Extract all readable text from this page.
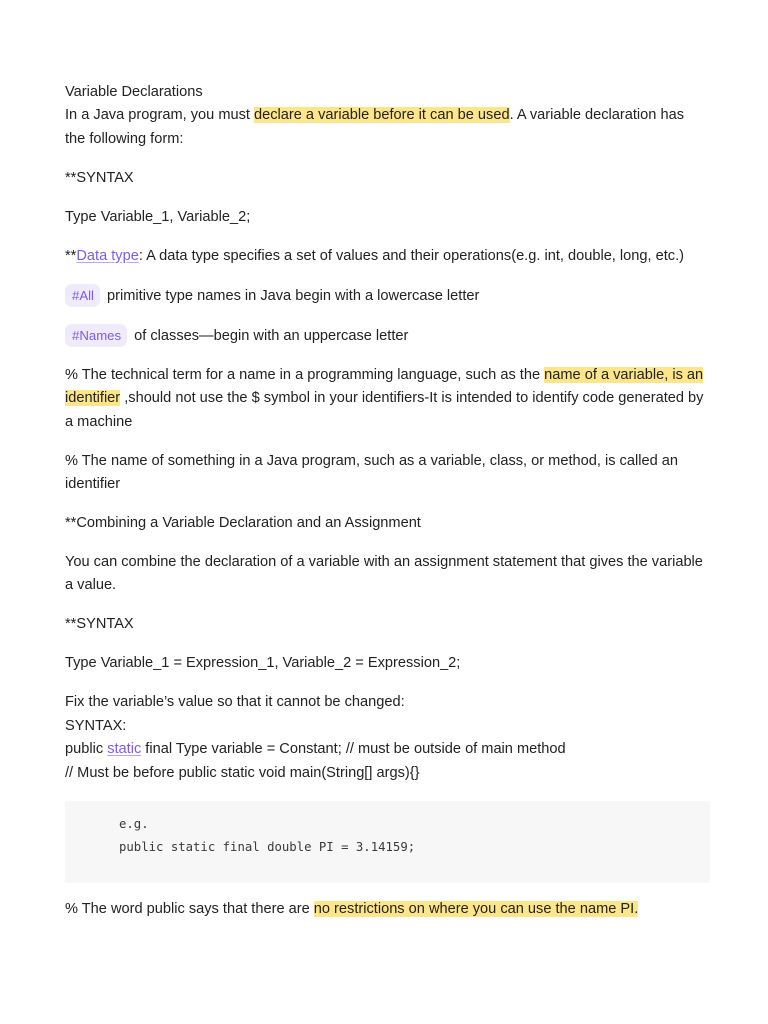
Variable Declarations

In a Java program, you must declare a variable before it can be used. A variable declaration has the following form:

**SYNTAX

Type Variable_1, Variable_2;

**Data type: A data type specifies a set of values and their operations(e.g. int, double, long, etc.)

#All primitive type names in Java begin with a lowercase letter

#Names of classes—begin with an uppercase letter

% The technical term for a name in a programming language, such as the name of a variable, is an identifier ,should not use the $ symbol in your identifiers-It is intended to identify code generated by a machine

% The name of something in a Java program, such as a variable, class, or method, is called an identifier

**Combining a Variable Declaration and an Assignment

You can combine the declaration of a variable with an assignment statement that gives the variable a value.

**SYNTAX

Type Variable_1 = Expression_1, Variable_2 = Expression_2;

Fix the variable’s value so that it cannot be changed:
SYNTAX:
public static final Type variable = Constant; // must be outside of main method
// Must be before public static void main(String[] args){}

e.g.
public static final double PI = 3.14159;

% The word public says that there are no restrictions on where you can use the name PI.
